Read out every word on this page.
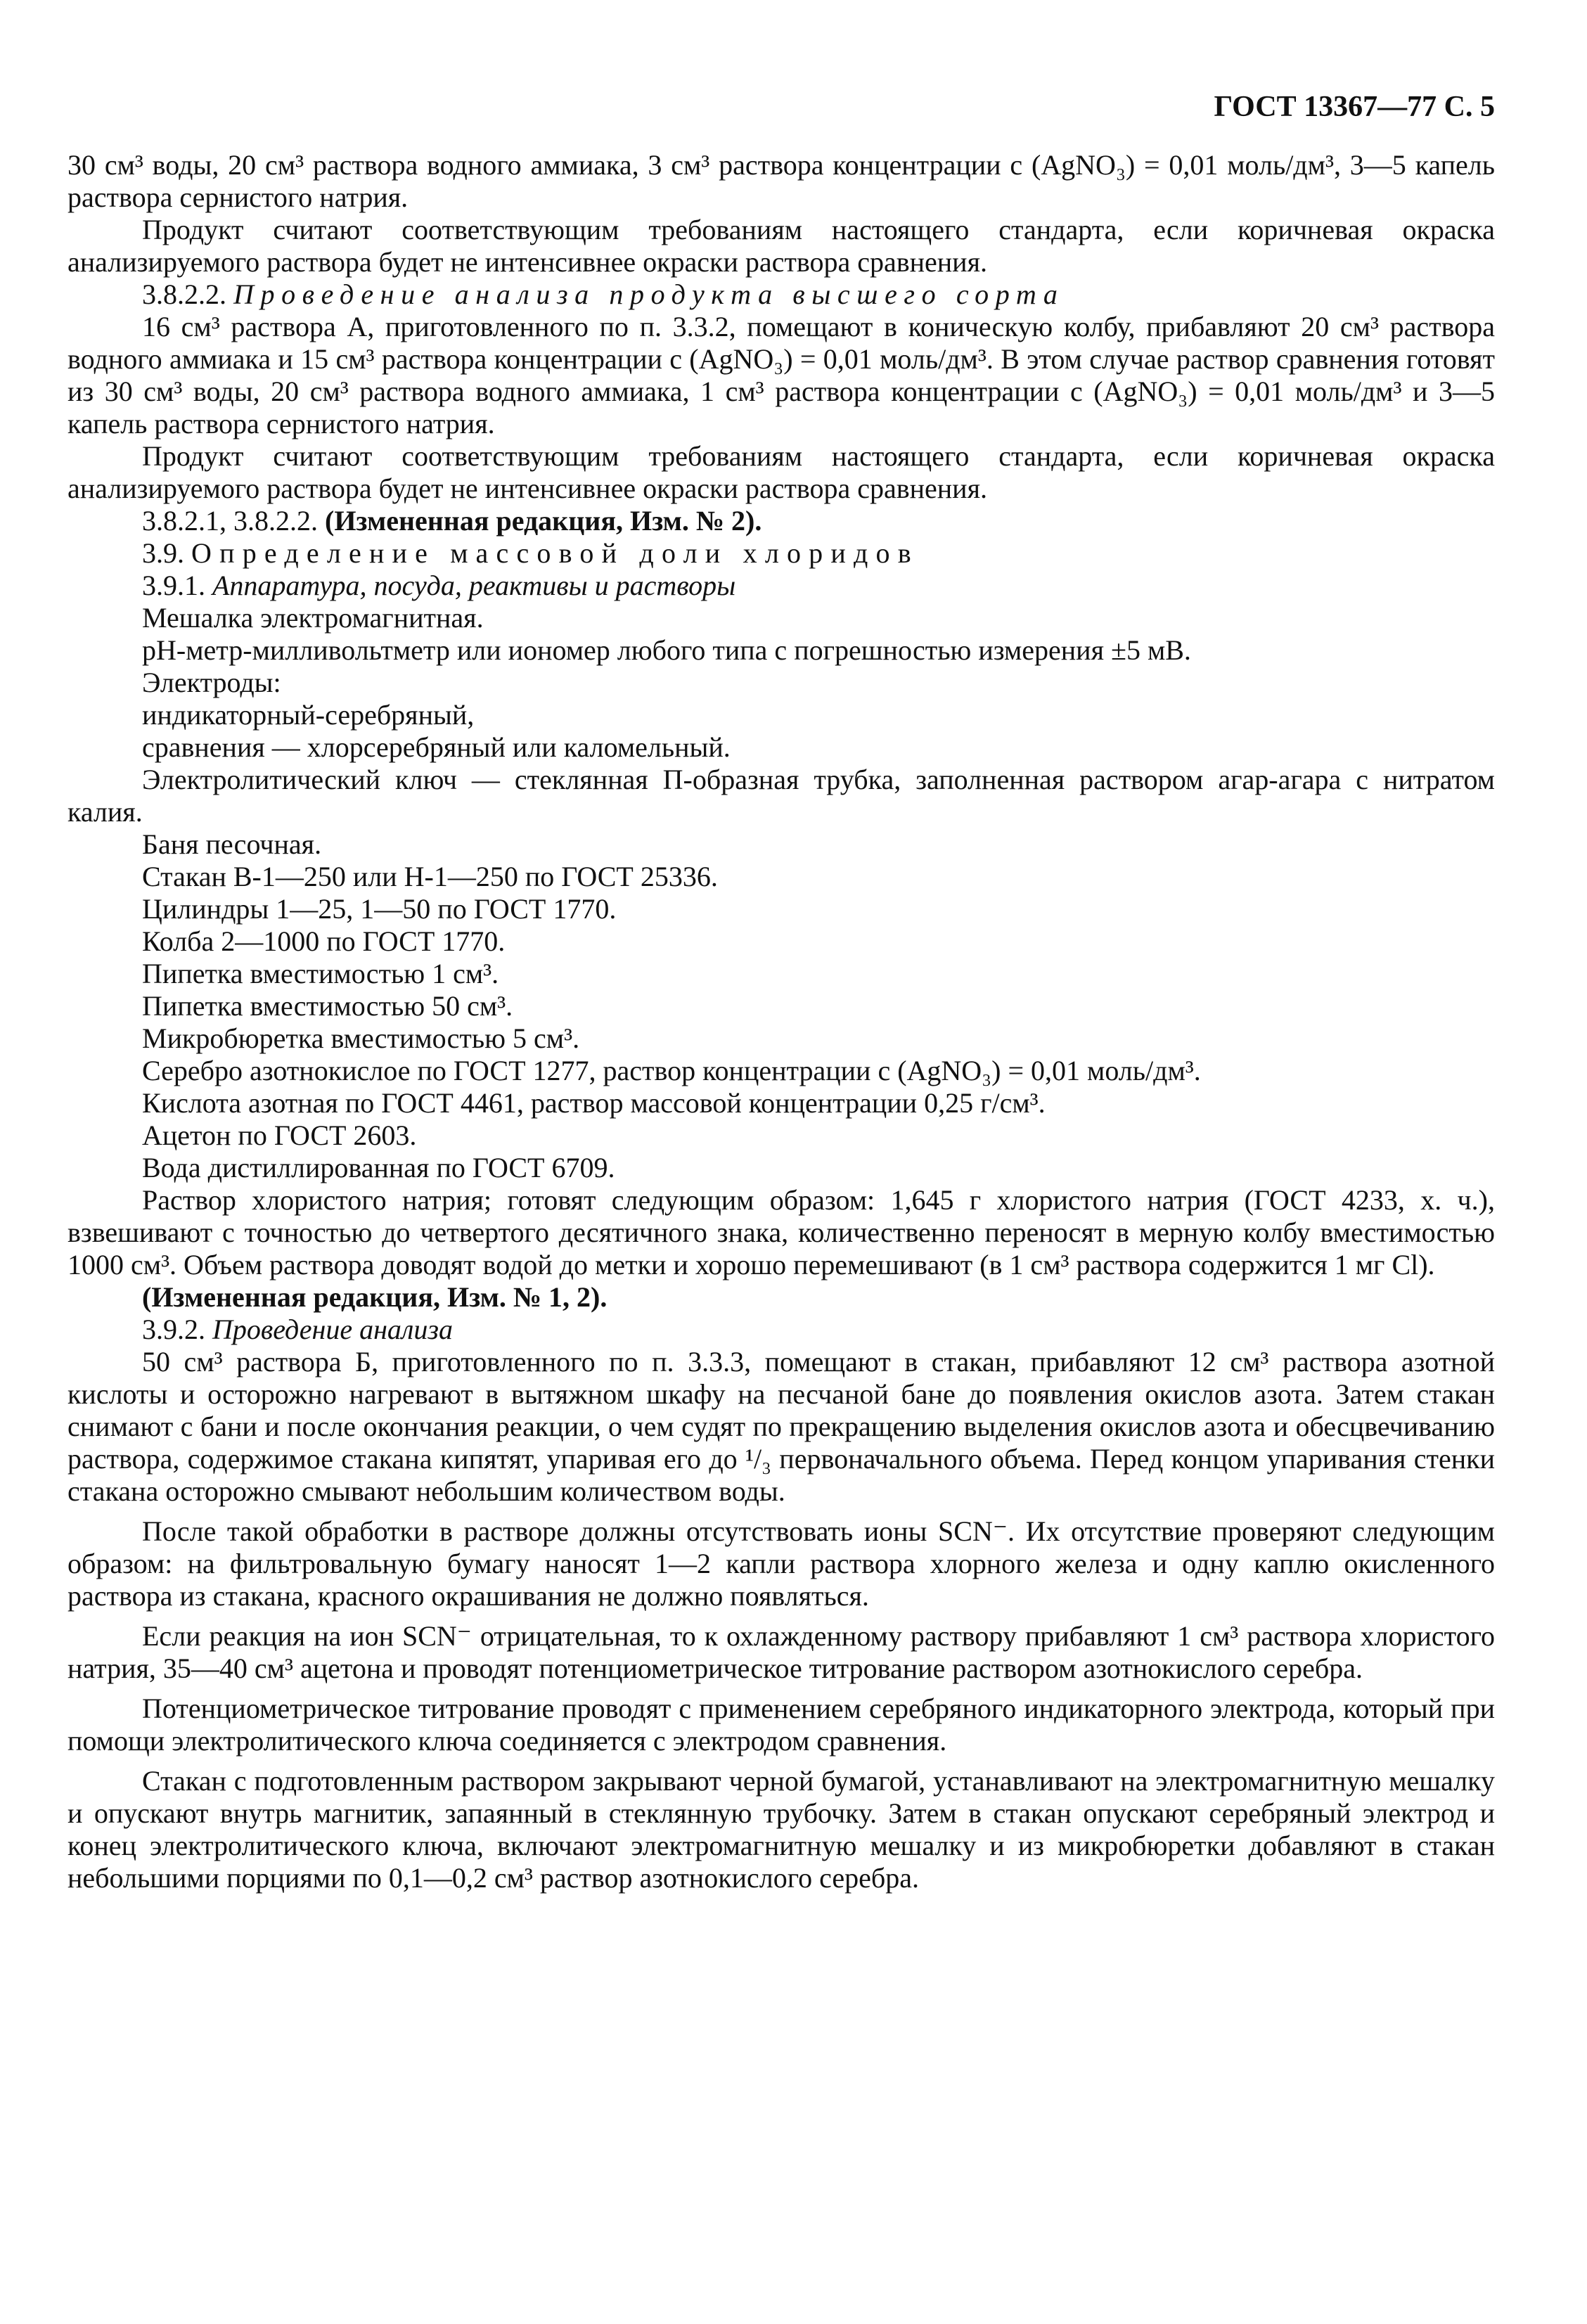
ГОСТ 13367—77 С. 5

30 см³ воды, 20 см³ раствора водного аммиака, 3 см³ раствора концентрации c (AgNO₃) = 0,01 моль/дм³, 3—5 капель раствора сернистого натрия.

Продукт считают соответствующим требованиям настоящего стандарта, если коричневая окраска анализируемого раствора будет не интенсивнее окраски раствора сравнения.

3.8.2.2. Проведение анализа продукта высшего сорта

16 см³ раствора А, приготовленного по п. 3.3.2, помещают в коническую колбу, прибавляют 20 см³ раствора водного аммиака и 15 см³ раствора концентрации c (AgNO₃) = 0,01 моль/дм³. В этом случае раствор сравнения готовят из 30 см³ воды, 20 см³ раствора водного аммиака, 1 см³ раствора концентрации c (AgNO₃) = 0,01 моль/дм³ и 3—5 капель раствора сернистого натрия.

Продукт считают соответствующим требованиям настоящего стандарта, если коричневая окраска анализируемого раствора будет не интенсивнее окраски раствора сравнения.

3.8.2.1, 3.8.2.2. (Измененная редакция, Изм. № 2).

3.9. Определение массовой доли хлоридов

3.9.1. Аппаратура, посуда, реактивы и растворы

Мешалка электромагнитная.

pH-метр-милливольтметр или иономер любого типа с погрешностью измерения ±5 мВ.

Электроды:

индикаторный-серебряный,

сравнения — хлорсеребряный или каломельный.

Электролитический ключ — стеклянная П-образная трубка, заполненная раствором агар-агара с нитратом калия.

Баня песочная.

Стакан В-1—250 или Н-1—250 по ГОСТ 25336.

Цилиндры 1—25, 1—50 по ГОСТ 1770.

Колба 2—1000 по ГОСТ 1770.

Пипетка вместимостью 1 см³.

Пипетка вместимостью 50 см³.

Микробюретка вместимостью 5 см³.

Серебро азотнокислое по ГОСТ 1277, раствор концентрации c (AgNO₃) = 0,01 моль/дм³.

Кислота азотная по ГОСТ 4461, раствор массовой концентрации 0,25 г/см³.

Ацетон по ГОСТ 2603.

Вода дистиллированная по ГОСТ 6709.

Раствор хлористого натрия; готовят следующим образом: 1,645 г хлористого натрия (ГОСТ 4233, х. ч.), взвешивают с точностью до четвертого десятичного знака, количественно переносят в мерную колбу вместимостью 1000 см³. Объем раствора доводят водой до метки и хорошо перемешивают (в 1 см³ раствора содержится 1 мг Cl).

(Измененная редакция, Изм. № 1, 2).

3.9.2. Проведение анализа

50 см³ раствора Б, приготовленного по п. 3.3.3, помещают в стакан, прибавляют 12 см³ раствора азотной кислоты и осторожно нагревают в вытяжном шкафу на песчаной бане до появления окислов азота. Затем стакан снимают с бани и после окончания реакции, о чем судят по прекращению выделения окислов азота и обесцвечиванию раствора, содержимое стакана кипятят, упаривая его до ¹/₃ первоначального объема. Перед концом упаривания стенки стакана осторожно смывают небольшим количеством воды.

После такой обработки в растворе должны отсутствовать ионы SCN⁻. Их отсутствие проверяют следующим образом: на фильтровальную бумагу наносят 1—2 капли раствора хлорного железа и одну каплю окисленного раствора из стакана, красного окрашивания не должно появляться.

Если реакция на ион SCN⁻ отрицательная, то к охлажденному раствору прибавляют 1 см³ раствора хлористого натрия, 35—40 см³ ацетона и проводят потенциометрическое титрование раствором азотнокислого серебра.

Потенциометрическое титрование проводят с применением серебряного индикаторного электрода, который при помощи электролитического ключа соединяется с электродом сравнения.

Стакан с подготовленным раствором закрывают черной бумагой, устанавливают на электромагнитную мешалку и опускают внутрь магнитик, запаянный в стеклянную трубочку. Затем в стакан опускают серебряный электрод и конец электролитического ключа, включают электромагнитную мешалку и из микробюретки добавляют в стакан небольшими порциями по 0,1—0,2 см³ раствор азотнокислого серебра.
